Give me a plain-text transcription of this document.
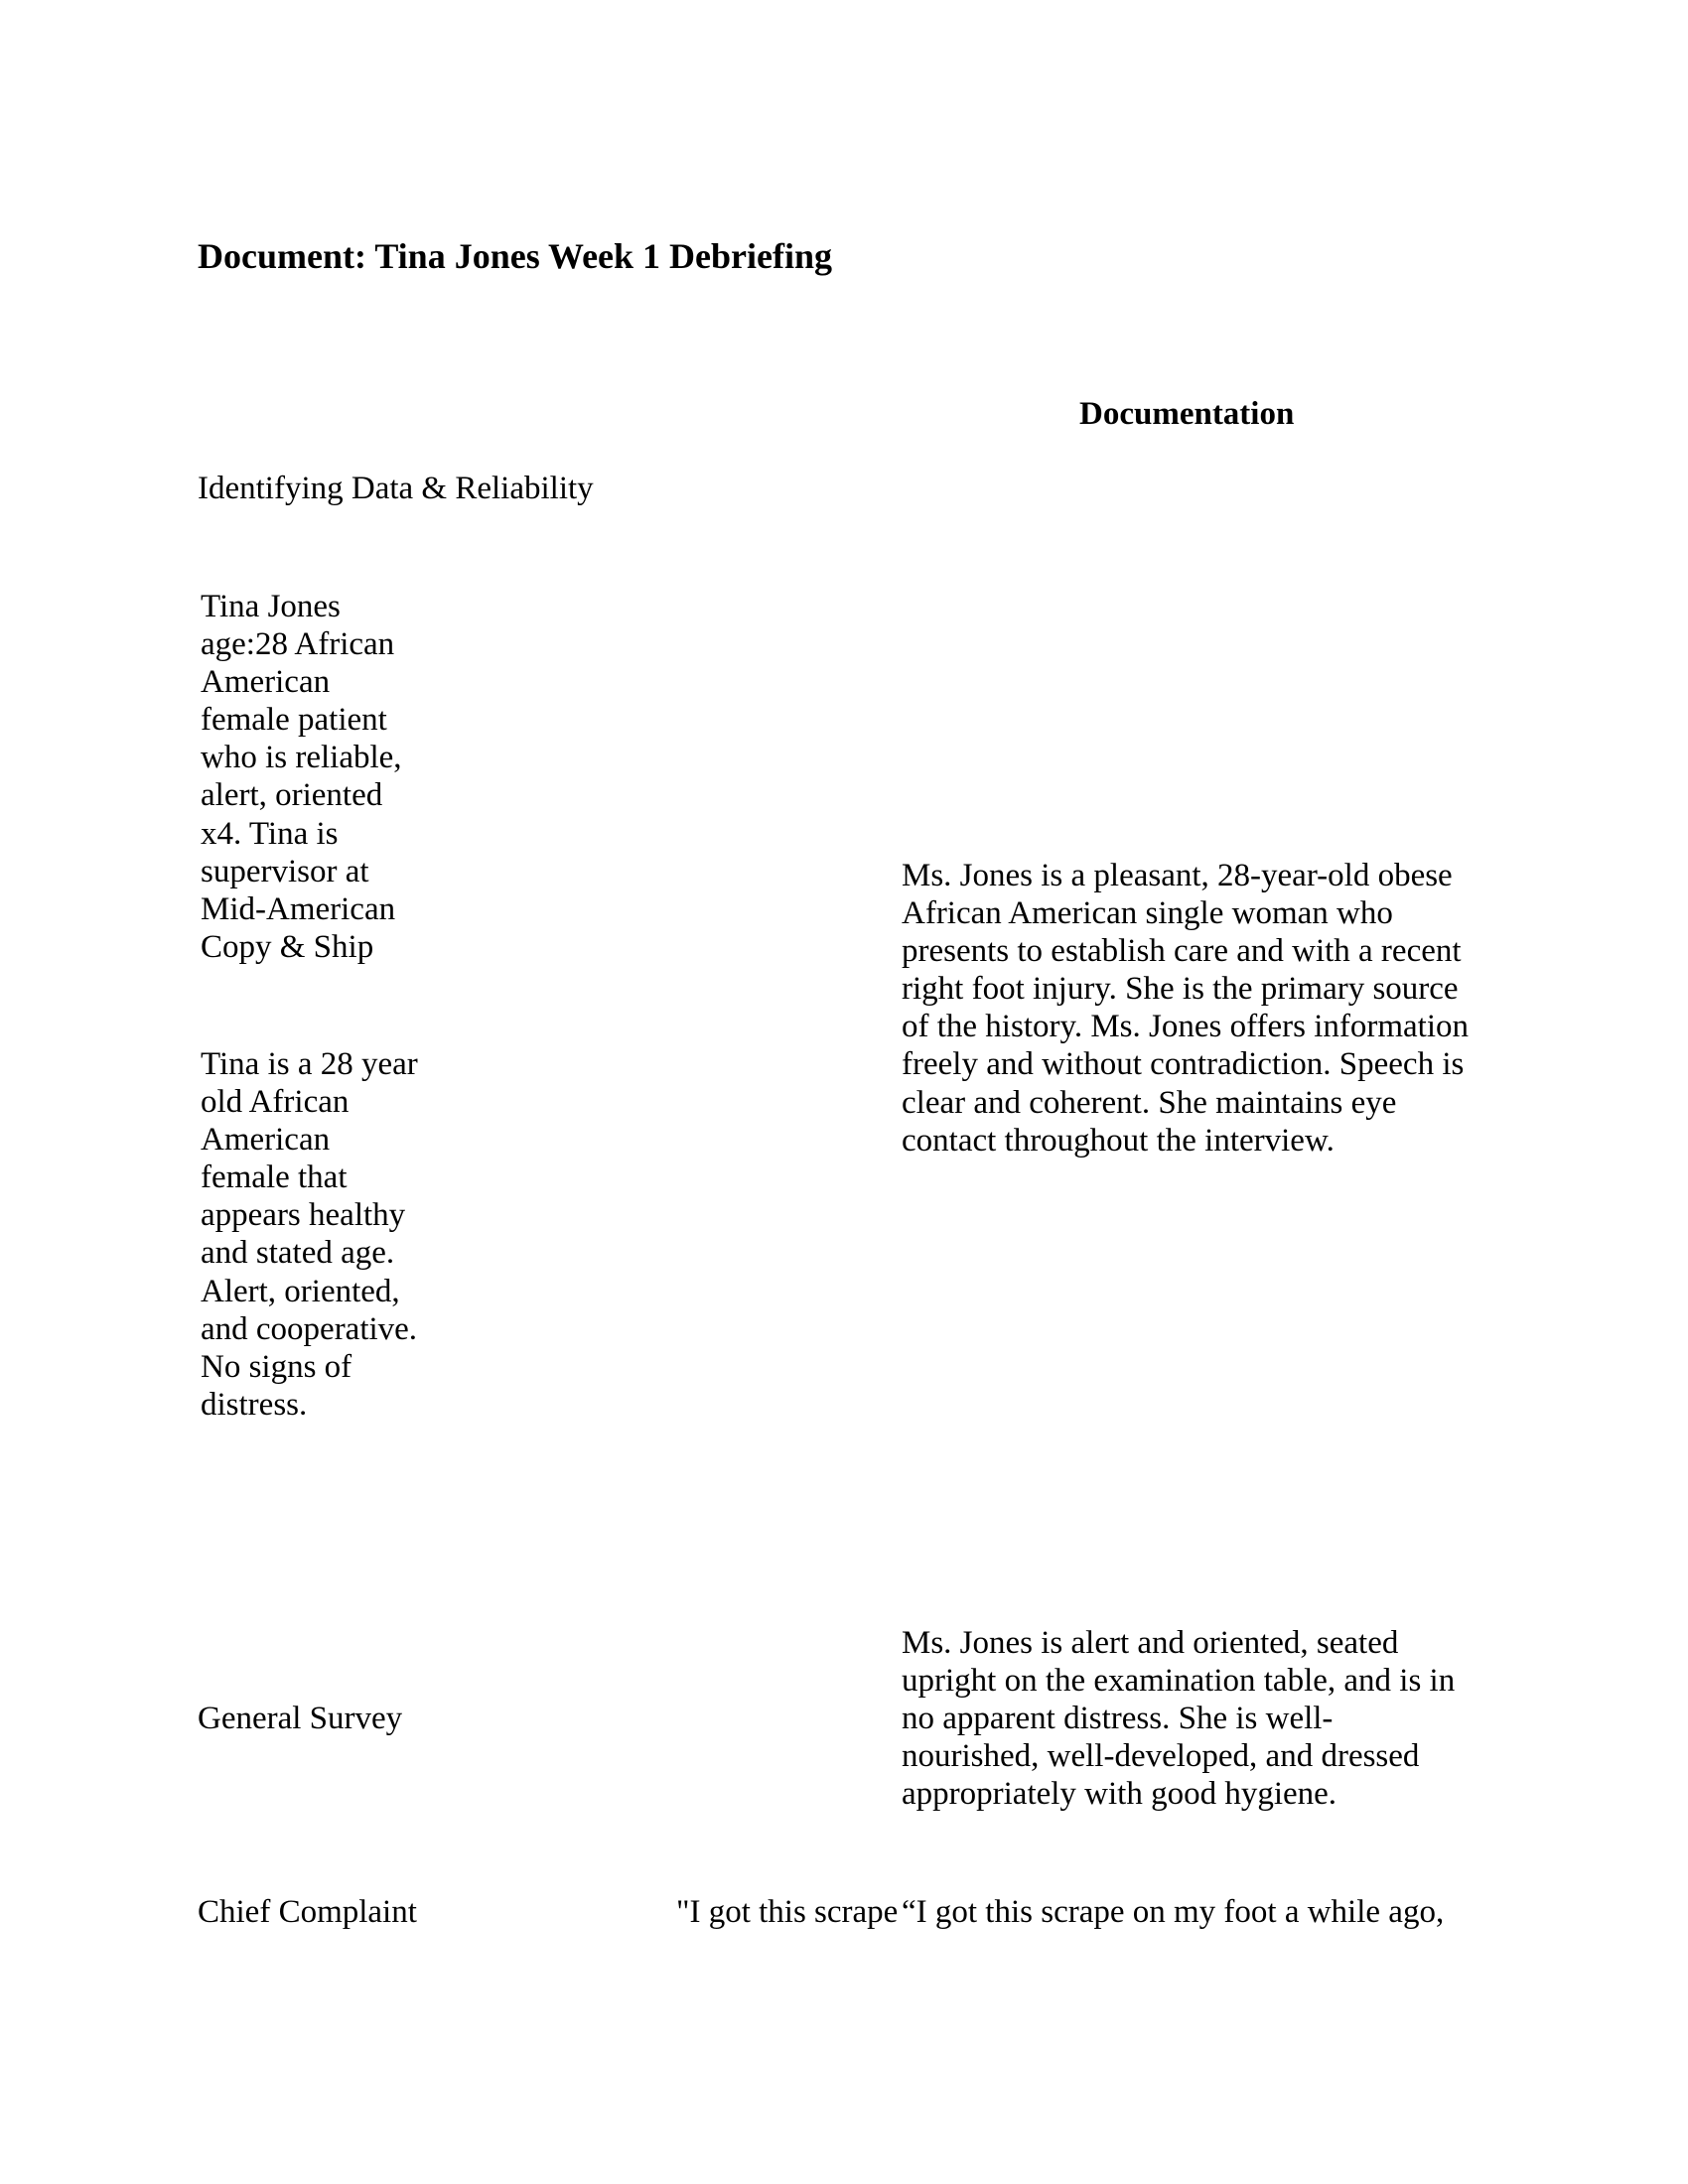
Document: Tina Jones Week 1 Debriefing
Documentation
Identifying Data & Reliability
Tina Jones
age:28 African
American
female patient
who is reliable,
alert, oriented
x4. Tina is
supervisor at
Mid-American
Copy & Ship
Tina is a 28 year
old African
American
female that
appears healthy
and stated age.
Alert, oriented,
and cooperative.
No signs of
distress.
Ms. Jones is a pleasant, 28-year-old obese
African American single woman who
presents to establish care and with a recent
right foot injury. She is the primary source
of the history. Ms. Jones offers information
freely and without contradiction. Speech is
clear and coherent. She maintains eye
contact throughout the interview.
General Survey
Ms. Jones is alert and oriented, seated
upright on the examination table, and is in
no apparent distress. She is well-
nourished, well-developed, and dressed
appropriately with good hygiene.
Chief Complaint	"I got this scrape “I got this scrape on my foot a while ago,
